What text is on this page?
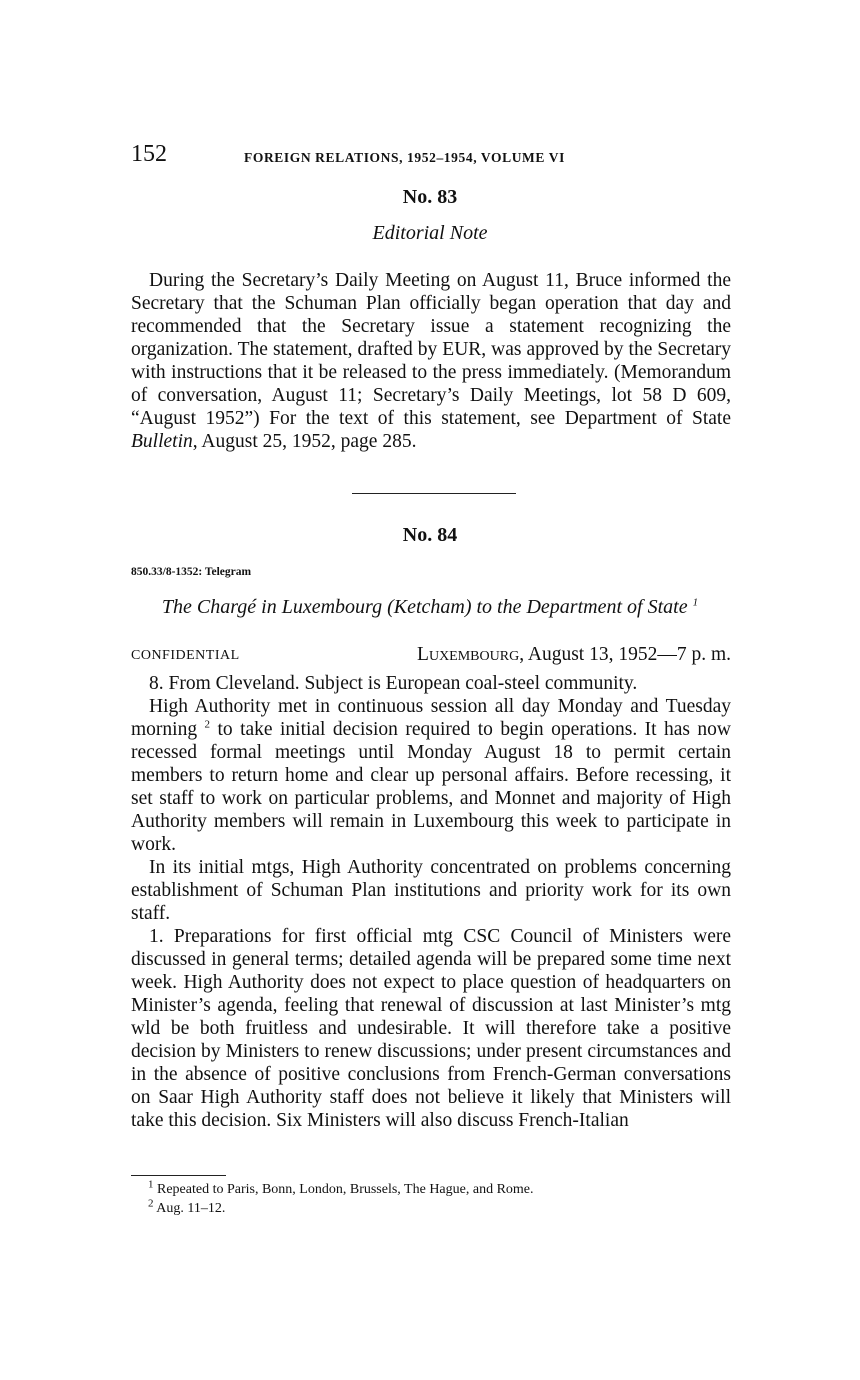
152	FOREIGN RELATIONS, 1952–1954, VOLUME VI
No. 83
Editorial Note

During the Secretary’s Daily Meeting on August 11, Bruce informed the Secretary that the Schuman Plan officially began operation that day and recommended that the Secretary issue a statement recognizing the organization. The statement, drafted by EUR, was approved by the Secretary with instructions that it be released to the press immediately. (Memorandum of conversation, August 11; Secretary’s Daily Meetings, lot 58 D 609, “August 1952”) For the text of this statement, see Department of State Bulletin, August 25, 1952, page 285.

No. 84
850.33/8-1352: Telegram
The Chargé in Luxembourg (Ketcham) to the Department of State $^1$
CONFIDENTIAL	Luxembourg, August 13, 1952—7 p. m.

8. From Cleveland. Subject is European coal-steel community.

High Authority met in continuous session all day Monday and Tuesday morning $^2$ to take initial decision required to begin operations. It has now recessed formal meetings until Monday August 18 to permit certain members to return home and clear up personal affairs. Before recessing, it set staff to work on particular problems, and Monnet and majority of High Authority members will remain in Luxembourg this week to participate in work.

In its initial mtgs, High Authority concentrated on problems concerning establishment of Schuman Plan institutions and priority work for its own staff.

1. Preparations for first official mtg CSC Council of Ministers were discussed in general terms; detailed agenda will be prepared some time next week. High Authority does not expect to place question of headquarters on Minister’s agenda, feeling that renewal of discussion at last Minister’s mtg wld be both fruitless and undesirable. It will therefore take a positive decision by Ministers to renew discussions; under present circumstances and in the absence of positive conclusions from French-German conversations on Saar High Authority staff does not believe it likely that Ministers will take this decision. Six Ministers will also discuss French-Italian

$^1$ Repeated to Paris, Bonn, London, Brussels, The Hague, and Rome.
$^2$ Aug. 11–12.
